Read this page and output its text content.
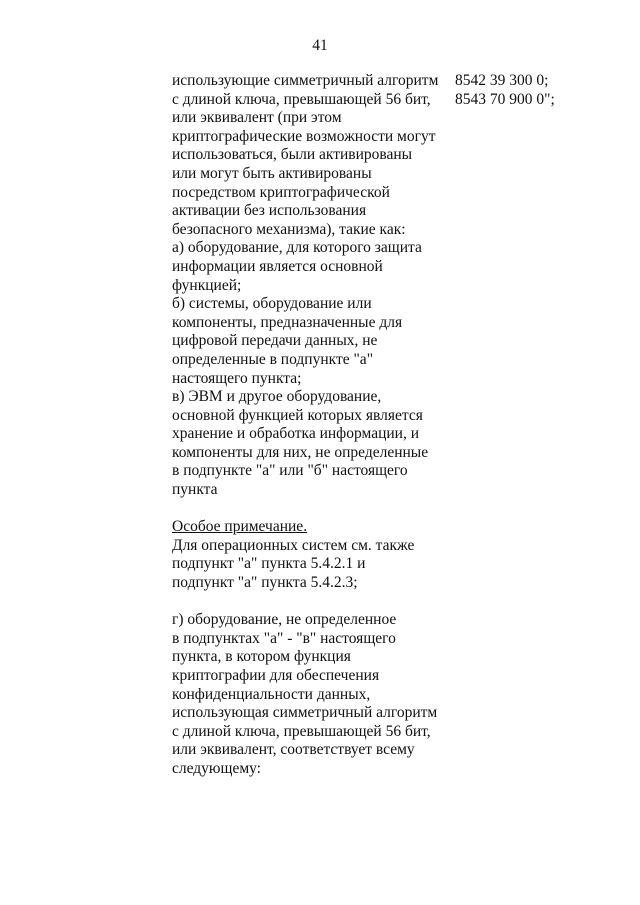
41
использующие симметричный алгоритм
с длиной ключа, превышающей 56 бит,
или эквивалент (при этом
криптографические возможности могут
использоваться, были активированы
или могут быть активированы
посредством криптографической
активации без использования
безопасного механизма), такие как:
а) оборудование, для которого защита
информации является основной
функцией;
б) системы, оборудование или
компоненты, предназначенные для
цифровой передачи данных, не
определенные в подпункте "а"
настоящего пункта;
в) ЭВМ и другое оборудование,
основной функцией которых является
хранение и обработка информации, и
компоненты для них, не определенные
в подпункте "а" или "б" настоящего
пункта
Особое примечание.
Для операционных систем см. также
подпункт "а" пункта 5.4.2.1 и
подпункт "а" пункта 5.4.2.3;
г) оборудование, не определенное
в подпунктах "а" - "в" настоящего
пункта, в котором функция
криптографии для обеспечения
конфиденциальности данных,
использующая симметричный алгоритм
с длиной ключа, превышающей 56 бит,
или эквивалент, соответствует всему
следующему:
8542 39 300 0;
8543 70 900 0";
